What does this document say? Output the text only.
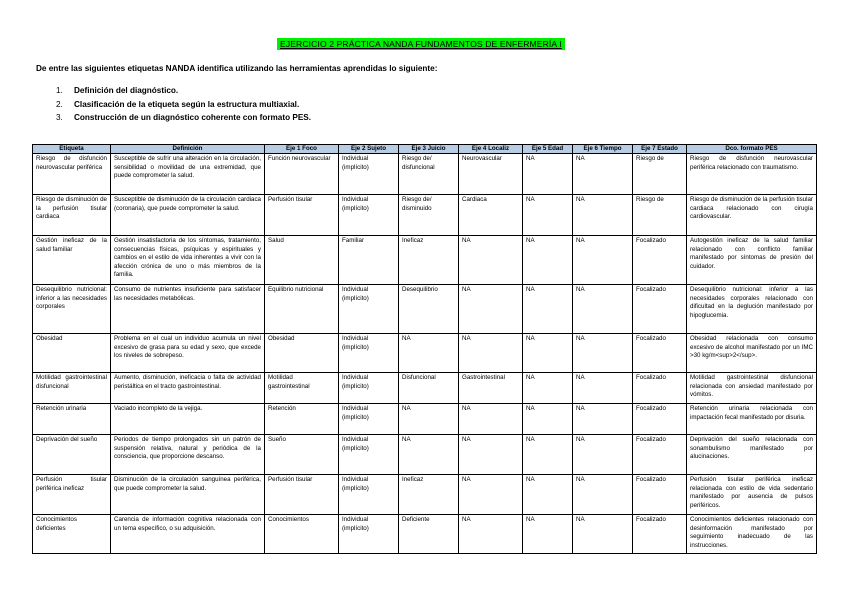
EJERCICIO 2 PRÁCTICA NANDA FUNDAMENTOS DE ENFERMERÍA I
De entre las siguientes etiquetas NANDA identifica utilizando las herramientas aprendidas lo siguiente:
1. Definición del diagnóstico.
2. Clasificación de la etiqueta según la estructura multiaxial.
3. Construcción de un diagnóstico coherente con formato PES.
Etiqueta	Definición	Eje 1 Foco	Eje 2 Sujeto	Eje 3 Juicio	Eje 4 Localiz	Eje 5 Edad	Eje 6 Tiempo	Eje 7 Estado	Dco. formato PES
Riesgo de disfunción neurovascular periférica	Susceptible de sufrir una alteración en la circulación, sensibilidad o movilidad de una extremidad, que puede comprometer la salud.	Función neurovascular	Individual (implícito)	Riesgo de/ disfuncional	Neurovascular	NA	NA	Riesgo de	Riesgo de disfunción neurovascular periférica relacionado con traumatismo.
Riesgo de disminución de la perfusión tisular cardiaca	Susceptible de disminución de la circulación cardiaca (coronaria), que puede comprometer la salud.	Perfusión tisular	Individual (implícito)	Riesgo de/ disminuido	Cardiaca	NA	NA	Riesgo de	Riesgo de disminución de la perfusión tisular cardiaca relacionado con cirugía cardiovascular.
Gestión ineficaz de la salud familiar	Gestión insatisfactoria de los síntomas, tratamiento, consecuencias físicas, psíquicas y espirituales y cambios en el estilo de vida inherentes a vivir con la afección crónica de uno o más miembros de la familia.	Salud	Familiar	Ineficaz	NA	NA	NA	Focalizado	Autogestión ineficaz de la salud familiar relacionado con conflicto familiar manifestado por síntomas de presión del cuidador.
Desequilibrio nutricional: inferior a las necesidades corporales	Consumo de nutrientes insuficiente para satisfacer las necesidades metabólicas.	Equilibrio nutricional	Individual (implícito)	Desequilibrio	NA	NA	NA	Focalizado	Desequilibrio nutricional: inferior a las necesidades corporales relacionado con dificultad en la deglución manifestado por hipoglucemia.
Obesidad	Problema en el cual un individuo acumula un nivel excesivo de grasa para su edad y sexo, que excede los niveles de sobrepeso.	Obesidad	Individual (implícito)	NA	NA	NA	NA	Focalizado	Obesidad relacionada con consumo excesivo de alcohol manifestado por un IMC >30 kg/m<sup>2</sup>.
Motilidad gastrointestinal disfuncional	Aumento, disminución, ineficacia o falta de actividad peristáltica en el tracto gastrointestinal.	Motilidad gastrointestinal	Individual (implícito)	Disfuncional	Gastrointestinal	NA	NA	Focalizado	Motilidad gastrointestinal disfuncional relacionada con ansiedad manifestado por vómitos.
Retención urinaria	Vaciado incompleto de la vejiga.	Retención	Individual (implícito)	NA	NA	NA	NA	Focalizado	Retención urinaria relacionada con impactación fecal manifestado por disuria.
Deprivación del sueño	Periodos de tiempo prolongados sin un patrón de suspensión relativa, natural y periódica de la consciencia, que proporcione descanso.	Sueño	Individual (implícito)	NA	NA	NA	NA	Focalizado	Deprivación del sueño relacionada con sonambulismo manifestado por alucinaciones.
Perfusión tisular periférica ineficaz	Disminución de la circulación sanguínea periférica, que puede comprometer la salud.	Perfusión tisular	Individual (implícito)	Ineficaz	NA	NA	NA	Focalizado	Perfusión tisular periférica ineficaz relacionada con estilo de vida sedentario manifestado por ausencia de pulsos periféricos.
Conocimientos deficientes	Carencia de información cognitiva relacionada con un tema específico, o su adquisición.	Conocimientos	Individual (implícito)	Deficiente	NA	NA	NA	Focalizado	Conocimientos deficientes relacionado con desinformación manifestado por seguimiento inadecuado de las instrucciones.
